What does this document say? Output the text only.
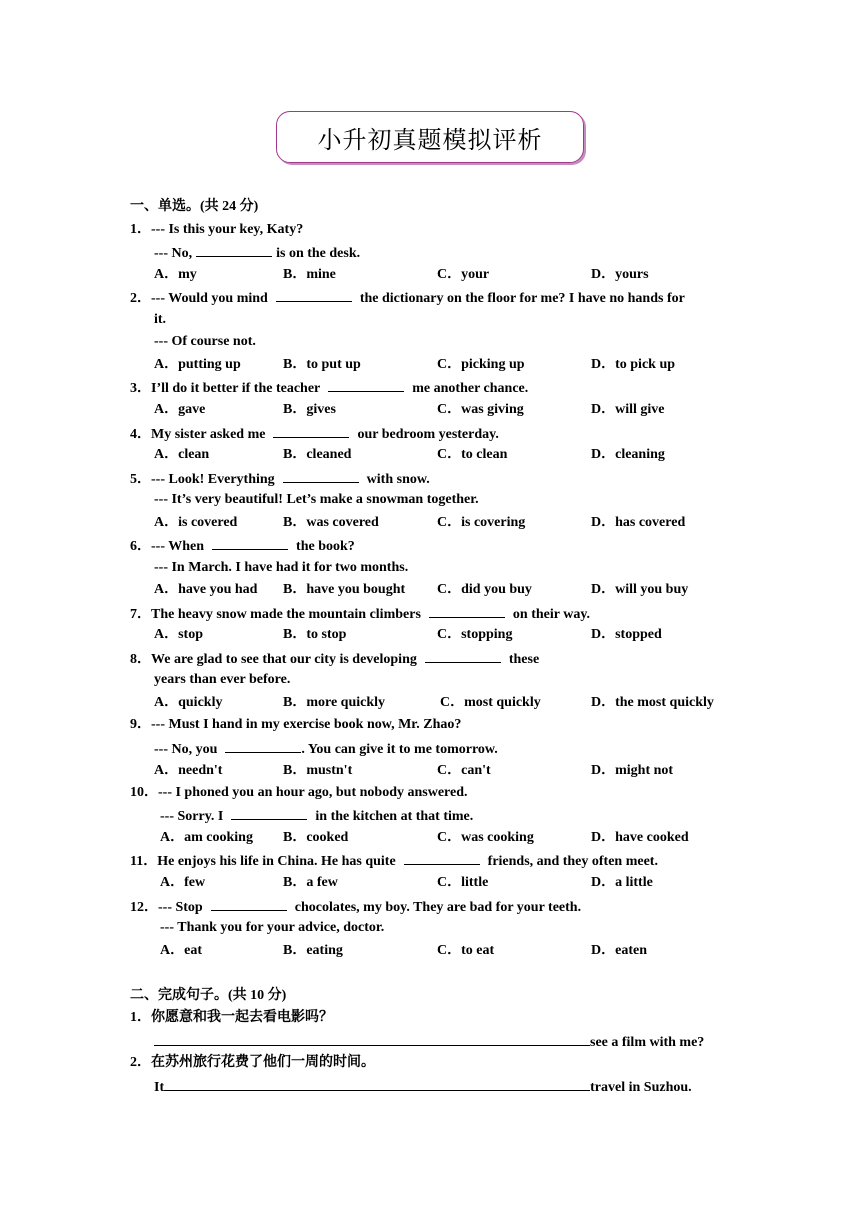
小升初真题模拟评析
一、单选。(共 24 分)
1．--- Is this your key, Katy?
--- No,	is on the desk.
A．my	B．mine	C．your	D．yours
2．--- Would you mind	the dictionary on the floor for me? I have no hands for
it.
--- Of course not.
A．putting up	B．to put up	C．picking up	D．to pick up
3．I’ll do it better if the teacher	me another chance.
A．gave	B．gives	C．was giving	D．will give
4．My sister asked me	our bedroom yesterday.
A．clean	B．cleaned	C．to clean	D．cleaning
5．--- Look! Everything	with snow.
--- It’s very beautiful! Let’s make a snowman together.
A．is covered	B．was covered	C．is covering	D．has covered
6．--- When	the book?
--- In March. I have had it for two months.
A．have you had B．have you bought C．did you buy	D．will you buy
7．The heavy snow made the mountain climbers	on their way.
A．stop	B．to stop	C．stopping	D．stopped
8．We are glad to see that our city is developing	these
years than ever before.
A．quickly	B．more quickly	C．most quickly	D．the most quickly
9．--- Must I hand in my exercise book now, Mr. Zhao?
--- No, you	. You can give it to me tomorrow.
A．needn't	B．mustn't	C．can't	D．might not
10．--- I phoned you an hour ago, but nobody answered.
--- Sorry. I	in the kitchen at that time.
A．am cooking B．cooked	C．was cooking	D．have cooked
11．He enjoys his life in China. He has quite	friends, and they often meet.
A．few	B．a few	C．little	D．a little
12．--- Stop	chocolates, my boy. They are bad for your teeth.
--- Thank you for your advice, doctor.
A．eat	B．eating	C．to eat	D．eaten
二、完成句子。(共 10 分)
1．你愿意和我一起去看电影吗？
see a film with me?
2．在苏州旅行花费了他们一周的时间。
It	travel in Suzhou.
